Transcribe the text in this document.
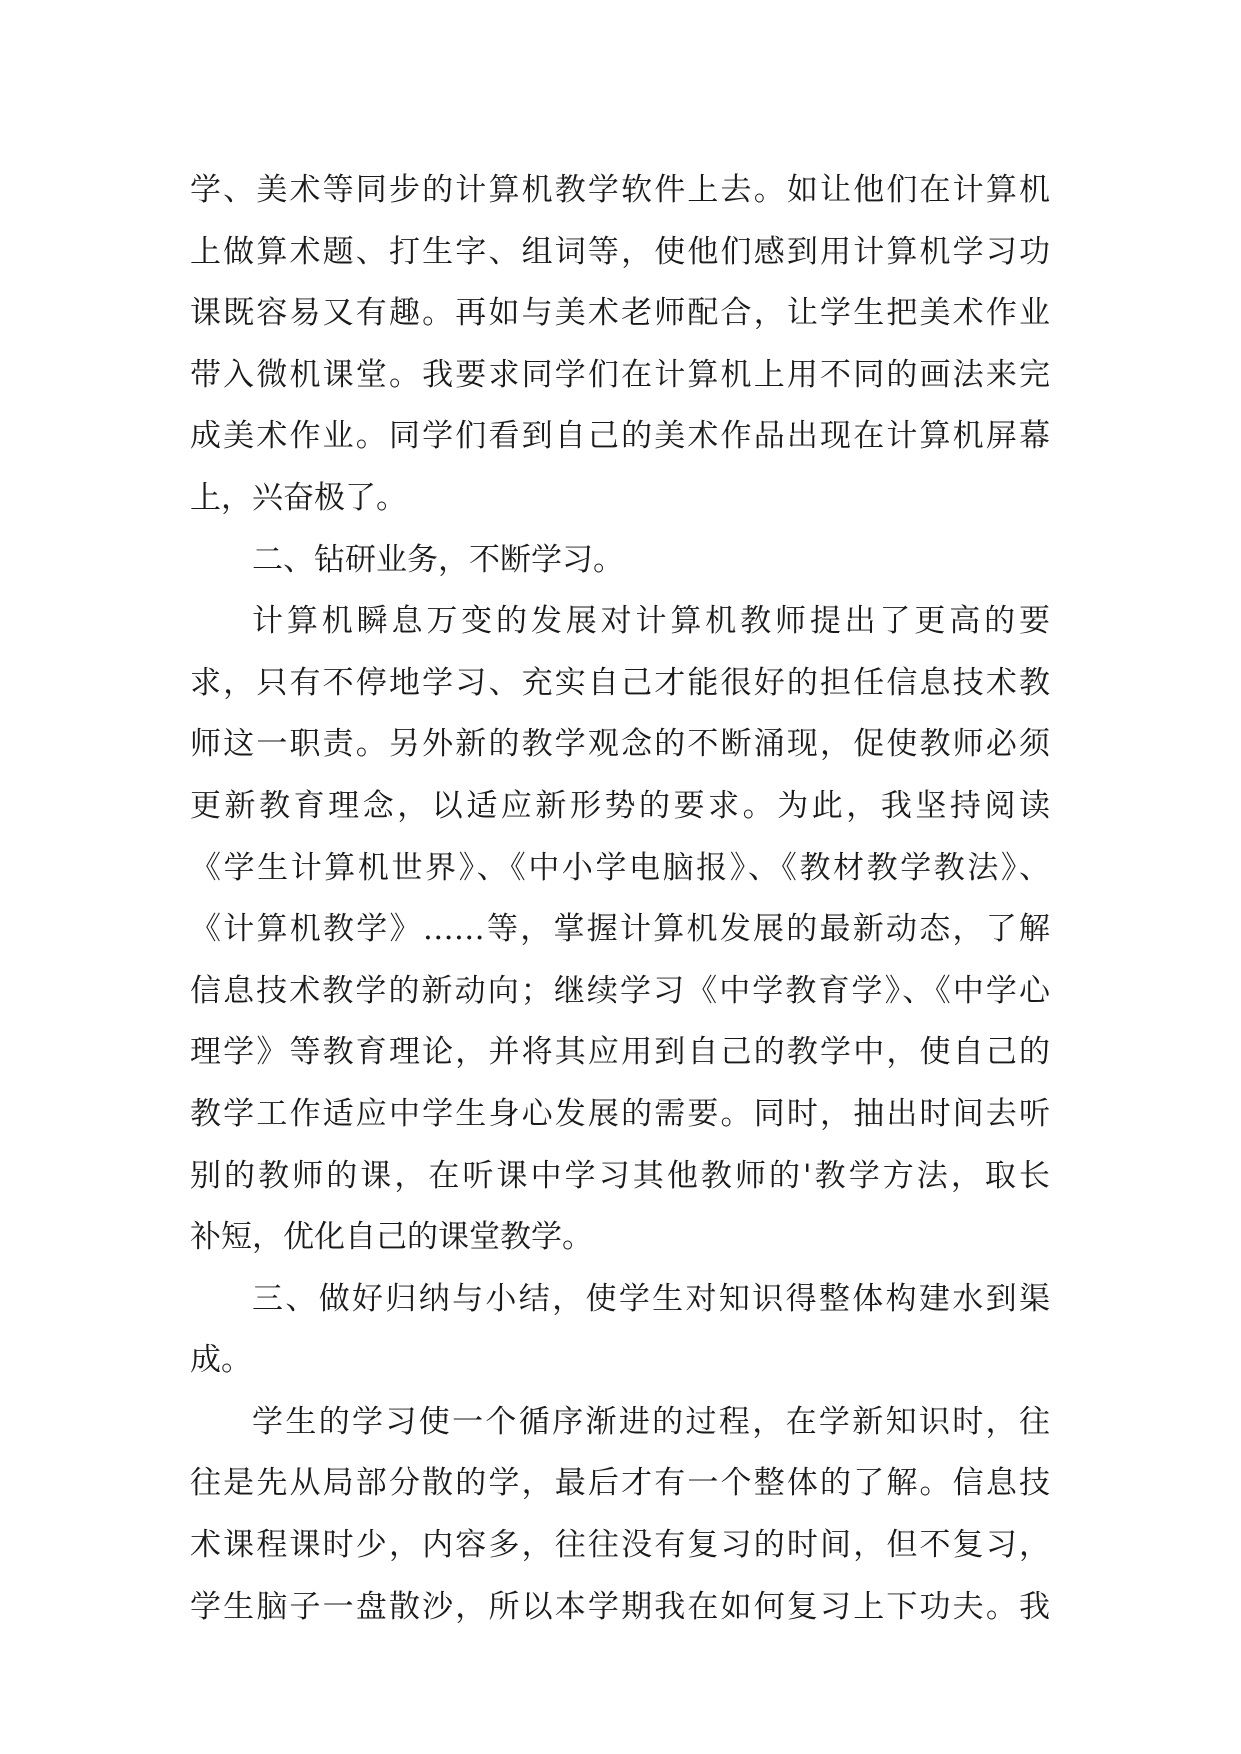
学、美术等同步的计算机教学软件上去。如让他们在计算机
上做算术题、打生字、组词等，使他们感到用计算机学习功
课既容易又有趣。再如与美术老师配合，让学生把美术作业
带入微机课堂。我要求同学们在计算机上用不同的画法来完
成美术作业。同学们看到自己的美术作品出现在计算机屏幕
上，兴奋极了。
二、钻研业务，不断学习。
计算机瞬息万变的发展对计算机教师提出了更高的要
求，只有不停地学习、充实自己才能很好的担任信息技术教
师这一职责。另外新的教学观念的不断涌现，促使教师必须
更新教育理念，以适应新形势的要求。为此，我坚持阅读
《学生计算机世界》、《中小学电脑报》、《教材教学教法》、
《计算机教学》……等，掌握计算机发展的最新动态，了解
信息技术教学的新动向；继续学习《中学教育学》、《中学心
理学》等教育理论，并将其应用到自己的教学中，使自己的
教学工作适应中学生身心发展的需要。同时，抽出时间去听
别的教师的课，在听课中学习其他教师的'教学方法，取长
补短，优化自己的课堂教学。
三、做好归纳与小结，使学生对知识得整体构建水到渠
成。
学生的学习使一个循序渐进的过程，在学新知识时，往
往是先从局部分散的学，最后才有一个整体的了解。信息技
术课程课时少，内容多，往往没有复习的时间，但不复习，
学生脑子一盘散沙，所以本学期我在如何复习上下功夫。我
